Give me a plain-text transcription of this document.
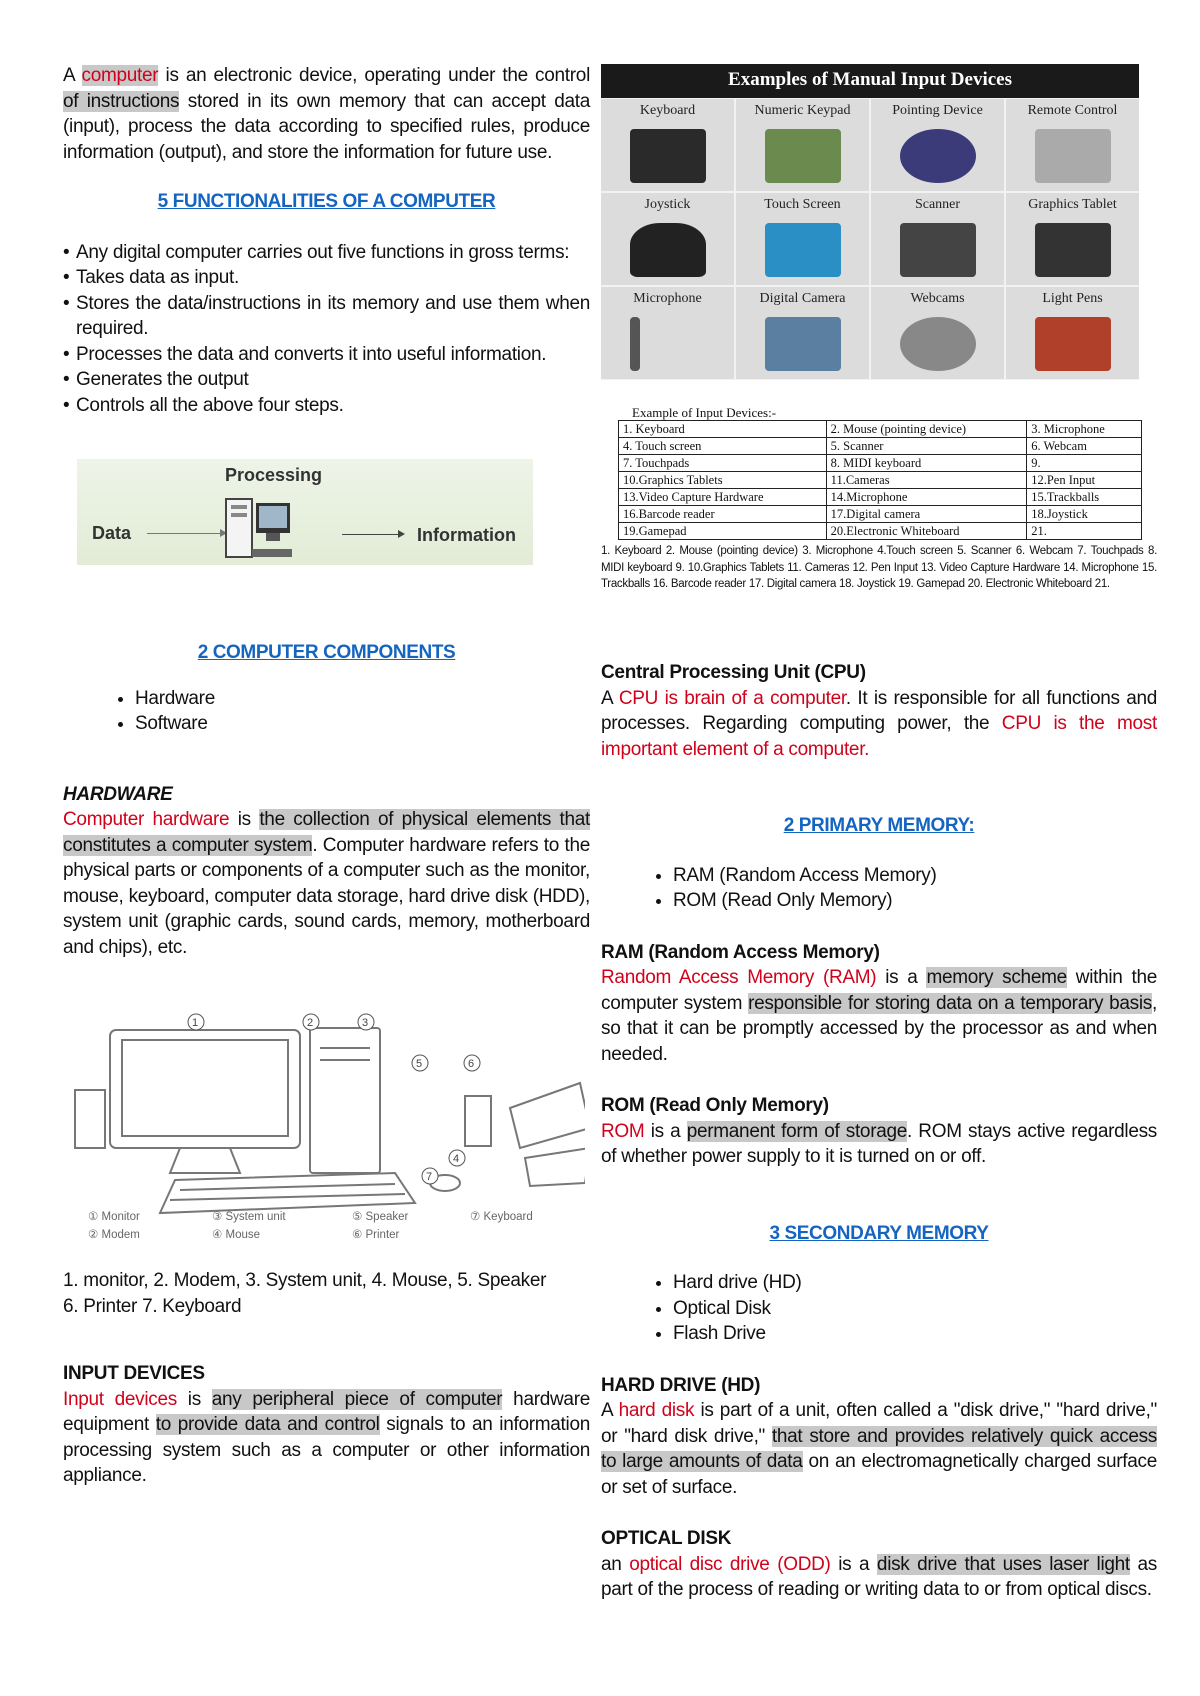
A computer is an electronic device, operating under the control of instructions stored in its own memory that can accept data (input), process the data according to specified rules, produce information (output), and store the information for future use.

5 FUNCTIONALITIES OF A COMPUTER

• Any digital computer carries out five functions in gross terms:
• Takes data as input.
• Stores the data/instructions in its memory and use them when required.
• Processes the data and converts it into useful information.
• Generates the output
• Controls all the above four steps.
Processing
Data	Information

2 COMPUTER COMPONENTS

• Hardware
• Software

HARDWARE

Computer hardware is the collection of physical elements that constitutes a computer system. Computer hardware refers to the physical parts or components of a computer such as the monitor, mouse, keyboard, computer data storage, hard drive disk (HDD), system unit (graphic cards, sound cards, memory, motherboard and chips), etc.

1	2	3
4
5	6
7
① Monitor	③ System unit	⑤ Speaker	⑦ Keyboard
② Modem	④ Mouse	⑥ Printer

1. monitor, 2. Modem, 3. System unit, 4. Mouse, 5. Speaker

6. Printer 7. Keyboard

INPUT DEVICES

Input devices is any peripheral piece of computer hardware equipment to provide data and control signals to an information processing system such as a computer or other information appliance.

Examples of Manual Input Devices
Keyboard	Numeric Keypad	Pointing Device	Remote Control
Joystick	Touch Screen	Scanner	Graphics Tablet
Microphone	Digital Camera	Webcams	Light Pens
Example of Input Devices:-
1. Keyboard	2. Mouse (pointing device)	3. Microphone
4. Touch screen	5. Scanner	6. Webcam
7. Touchpads	8. MIDI keyboard	9.
10.Graphics Tablets	11.Cameras	12.Pen Input
13.Video Capture Hardware	14.Microphone	15.Trackballs
16.Barcode reader	17.Digital camera	18.Joystick
19.Gamepad	20.Electronic Whiteboard	21.
1. Keyboard 2. Mouse (pointing device) 3. Microphone 4.Touch screen 5. Scanner 6. Webcam 7. Touchpads 8. MIDI keyboard 9. 10.Graphics Tablets 11. Cameras 12. Pen Input 13. Video Capture Hardware 14. Microphone 15. Trackballs 16. Barcode reader 17. Digital camera 18. Joystick 19. Gamepad 20. Electronic Whiteboard 21.

Central Processing Unit (CPU)

A CPU is brain of a computer. It is responsible for all functions and processes. Regarding computing power, the CPU is the most important element of a computer.

2 PRIMARY MEMORY:

• RAM (Random Access Memory)
• ROM (Read Only Memory)

RAM (Random Access Memory)

Random Access Memory (RAM) is a memory scheme within the computer system responsible for storing data on a temporary basis, so that it can be promptly accessed by the processor as and when needed.

ROM (Read Only Memory)

ROM is a permanent form of storage. ROM stays active regardless of whether power supply to it is turned on or off.

3 SECONDARY MEMORY

• Hard drive (HD)
• Optical Disk
• Flash Drive

HARD DRIVE (HD)

A hard disk is part of a unit, often called a "disk drive," "hard drive," or "hard disk drive," that store and provides relatively quick access to large amounts of data on an electromagnetically charged surface or set of surface.

OPTICAL DISK

an optical disc drive (ODD) is a disk drive that uses laser light as part of the process of reading or writing data to or from optical discs.
